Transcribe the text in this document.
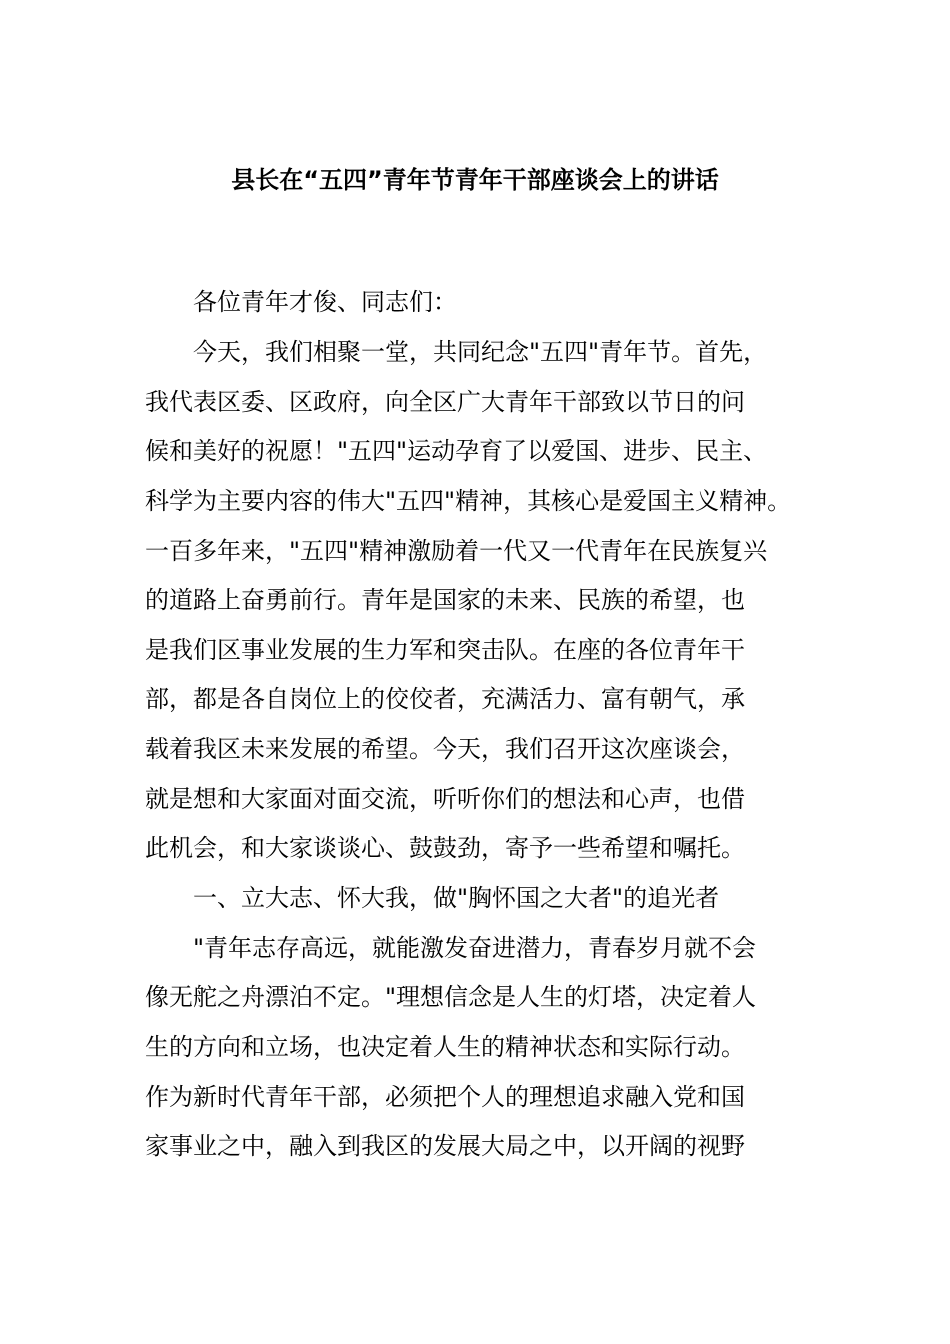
县长在“五四”青年节青年干部座谈会上的讲话
　　各位青年才俊、同志们：
　　今天，我们相聚一堂，共同纪念"五四"青年节。首先，
我代表区委、区政府，向全区广大青年干部致以节日的问
候和美好的祝愿！"五四"运动孕育了以爱国、进步、民主、
科学为主要内容的伟大"五四"精神，其核心是爱国主义精神。
一百多年来，"五四"精神激励着一代又一代青年在民族复兴
的道路上奋勇前行。青年是国家的未来、民族的希望，也
是我们区事业发展的生力军和突击队。在座的各位青年干
部，都是各自岗位上的佼佼者，充满活力、富有朝气，承
载着我区未来发展的希望。今天，我们召开这次座谈会，
就是想和大家面对面交流，听听你们的想法和心声，也借
此机会，和大家谈谈心、鼓鼓劲，寄予一些希望和嘱托。
　　一、立大志、怀大我，做"胸怀国之大者"的追光者
　　"青年志存高远，就能激发奋进潜力，青春岁月就不会
像无舵之舟漂泊不定。"理想信念是人生的灯塔，决定着人
生的方向和立场，也决定着人生的精神状态和实际行动。
作为新时代青年干部，必须把个人的理想追求融入党和国
家事业之中，融入到我区的发展大局之中，以开阔的视野
